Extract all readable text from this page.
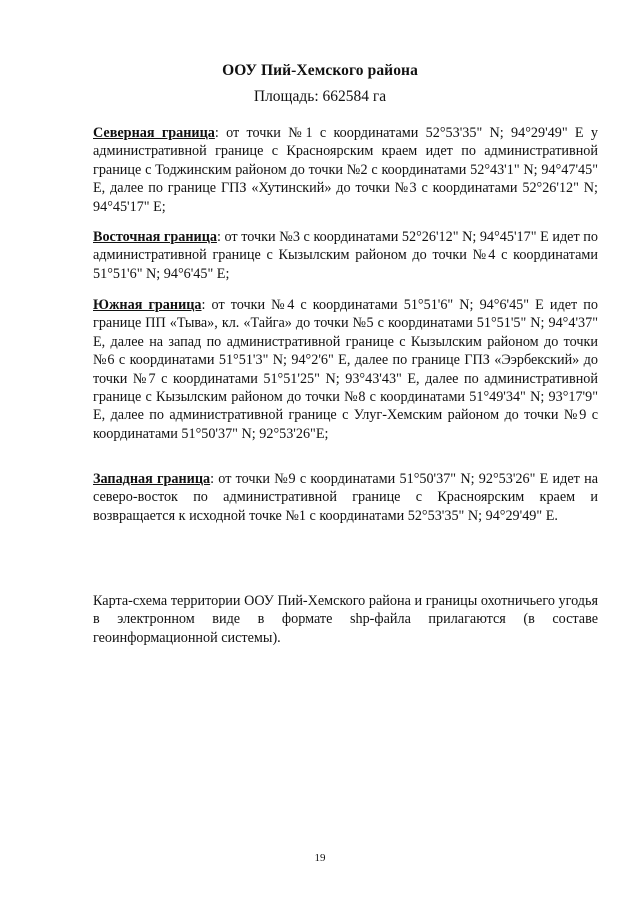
ООУ Пий-Хемского района
Площадь: 662584 га

Северная граница: от точки №1 с координатами 52°53'35" N; 94°29'49" E у административной границе с Красноярским краем идет по административной границе с Тоджинским районом до точки №2 с координатами 52°43'1" N; 94°47'45" E, далее по границе ГПЗ «Хутинский» до точки №3 с координатами 52°26'12" N; 94°45'17" E;

Восточная граница: от точки №3 с координатами 52°26'12" N; 94°45'17" E идет по административной границе с Кызылским районом до точки №4 с координатами 51°51'6" N; 94°6'45" E;

Южная граница: от точки №4 с координатами 51°51'6" N; 94°6'45" E идет по границе ПП «Тыва», кл. «Тайга» до точки №5 с координатами 51°51'5" N; 94°4'37" E, далее на запад по административной границе с Кызылским районом до точки №6 с координатами 51°51'3" N; 94°2'6" E, далее по границе ГПЗ «Ээрбекский» до точки №7 с координатами 51°51'25" N; 93°43'43" E, далее по административной границе с Кызылским районом до точки №8 с координатами 51°49'34" N; 93°17'9" E, далее по административной границе с Улуг-Хемским районом до точки №9 с координатами 51°50'37" N; 92°53'26"E;

Западная граница: от точки №9 с координатами 51°50'37" N; 92°53'26" E идет на северо-восток по административной границе с Красноярским краем и возвращается к исходной точке №1 с координатами 52°53'35" N; 94°29'49" E.

Карта-схема территории ООУ Пий-Хемского района и границы охотничьего угодья в электронном виде в формате shp-файла прилагаются (в составе геоинформационной системы).

19
